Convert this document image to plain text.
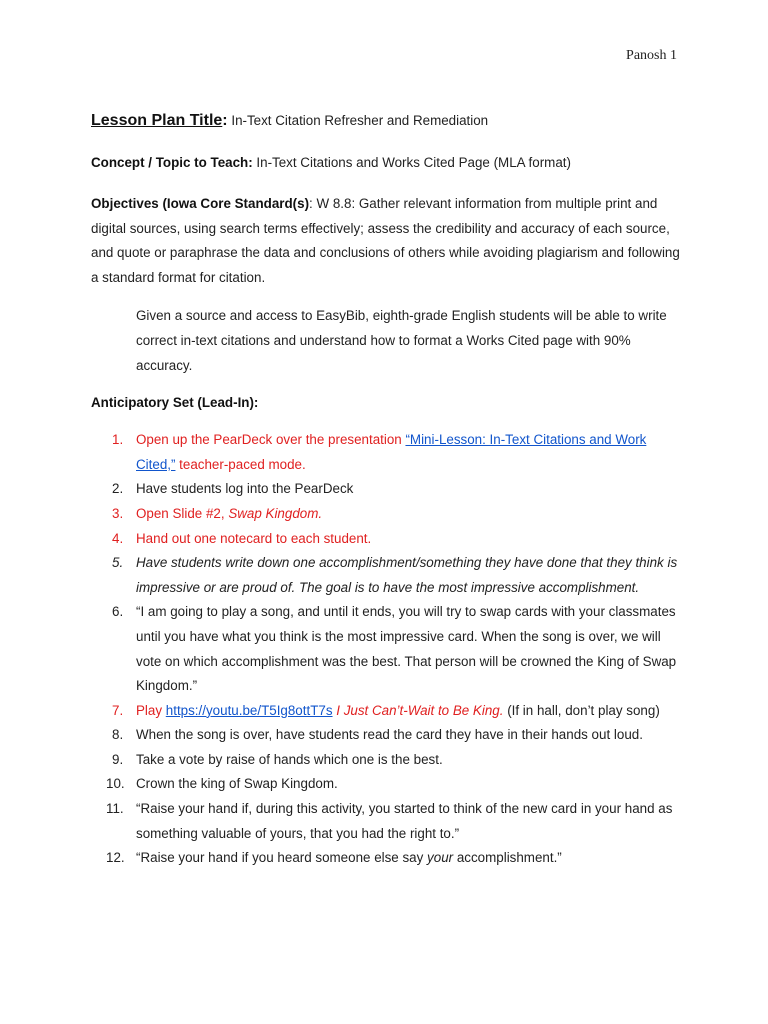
Panosh 1

Lesson Plan Title: In-Text Citation Refresher and Remediation

Concept / Topic to Teach: In-Text Citations and Works Cited Page (MLA format)

Objectives (Iowa Core Standard(s): W 8.8: Gather relevant information from multiple print and digital sources, using search terms effectively; assess the credibility and accuracy of each source, and quote or paraphrase the data and conclusions of others while avoiding plagiarism and following a standard format for citation.

Given a source and access to EasyBib, eighth-grade English students will be able to write correct in-text citations and understand how to format a Works Cited page with 90% accuracy.

Anticipatory Set (Lead-In):

1. Open up the PearDeck over the presentation “Mini-Lesson: In-Text Citations and Work Cited,” teacher-paced mode.
2. Have students log into the PearDeck
3. Open Slide #2, Swap Kingdom.
4. Hand out one notecard to each student.
5. Have students write down one accomplishment/something they have done that they think is impressive or are proud of. The goal is to have the most impressive accomplishment.
6. “I am going to play a song, and until it ends, you will try to swap cards with your classmates until you have what you think is the most impressive card. When the song is over, we will vote on which accomplishment was the best. That person will be crowned the King of Swap Kingdom.”
7. Play https://youtu.be/T5Ig8ottT7s I Just Can’t-Wait to Be King. (If in hall, don’t play song)
8. When the song is over, have students read the card they have in their hands out loud.
9. Take a vote by raise of hands which one is the best.
10. Crown the king of Swap Kingdom.
11. “Raise your hand if, during this activity, you started to think of the new card in your hand as something valuable of yours, that you had the right to.”
12. “Raise your hand if you heard someone else say your accomplishment.”
